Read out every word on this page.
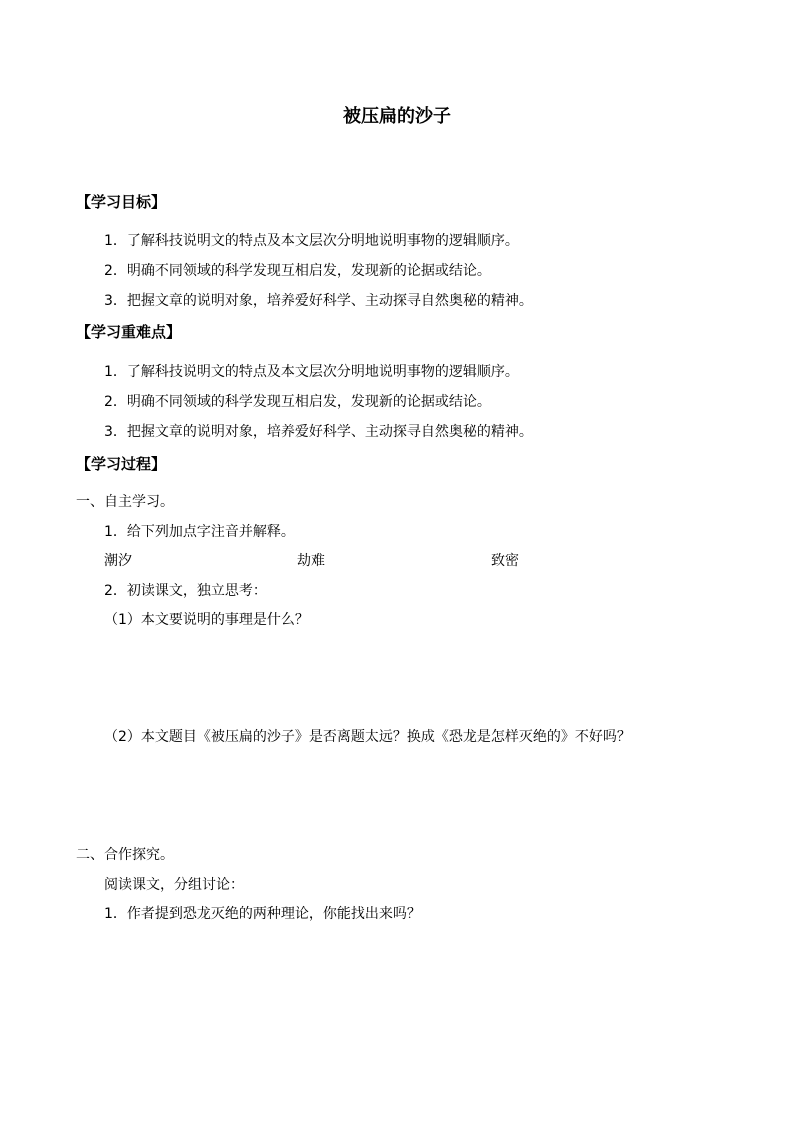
被压扁的沙子
【学习目标】
1．了解科技说明文的特点及本文层次分明地说明事物的逻辑顺序。
2．明确不同领域的科学发现互相启发，发现新的论据或结论。
3．把握文章的说明对象，培养爱好科学、主动探寻自然奥秘的精神。
【学习重难点】
1．了解科技说明文的特点及本文层次分明地说明事物的逻辑顺序。
2．明确不同领域的科学发现互相启发，发现新的论据或结论。
3．把握文章的说明对象，培养爱好科学、主动探寻自然奥秘的精神。
【学习过程】
一、自主学习。
1．给下列加点字注音并解释。
潮汐	劫难	致密
2．初读课文，独立思考：
（1）本文要说明的事理是什么？
（2）本文题目《被压扁的沙子》是否离题太远？换成《恐龙是怎样灭绝的》不好吗？
二、合作探究。
阅读课文，分组讨论：
1．作者提到恐龙灭绝的两种理论，你能找出来吗？
